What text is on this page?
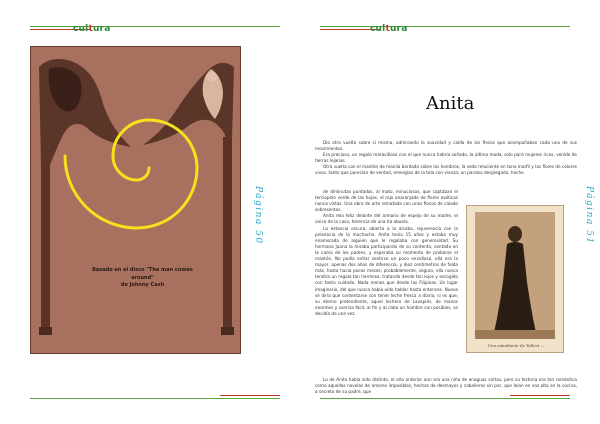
cultura
Basado en el disco "The man comes around"
de Johnny Cash
Página 50
cultura
Anita

Dio otra vuelta sobre sí misma, admirando la suavidad y caída de los flecos que acompañaban cada uno de sus movimientos.

Era precioso, un regalo maravilloso con el que nunca habría soñado, la última moda, solo para mujeres ricas, venido de tierras lejanas.

Otra vuelta con el mantón de manila bordado sobre los hombros, la seda reluciente en tono marfil y las flores de colores vivos, tanto que parecían de verdad, emergían de la tela con viveza; un paraíso desplegado, hecho

de diminutas puntadas, al mato, minuciosas, que captaban el terciopelo verde de las hojas, el rojo anaranjado de flores exóticas nunca vistas. Una obra de arte rematada con unos flecos de calado sobresentos.

Anita rela feliz delante del armario de espejo de su madre, el único de la casa, herencia de una tía abuela.

La estancia oscura, abierta a la alcoba, rejuvenecía con la presencia de la muchacha. Anita tenía 15 años y estaba muy enamorada de alguien que le regalaba con generosidad. Su hermana Juana la miraba participando de su contento, sentada en la cama de los padres, y esperaba su momento de probarse el mantón. No podía evitar sentirse un poco envidiosa, ella era la mayor, apenas dos años de diferencia, y diez centímetros de falda más, hasta hacía pocos meses; probablemente, seguro, ella nunca tendría un regalo tan hermoso, tratando desde tan lejos y escogido con tanto cuidado. Nada menos que desde las Filipinas. Un lugar imaginario, del que nunca había oído hablar hasta entonces. Nueva se diría que contentarse con tener leche fresca a diario, si es que, su eterno pretendiente, aquel lechero de Lavapiés, de manos enormes y sonrisa fácil, al fin y al cabo un hombre con posibles, se decidía de una vez.

Lo de Anita había sido distinto, el año anterior aún era una niña de enaguas cortas, pero su historia era tan romántica como aquellas novelas de amores imposibles, hechas de desmayos y caballeros sin par, que leían en voz alta en la cocina, a secreto de su padre, que

Una estudiante de Tallert ...
Página 51
